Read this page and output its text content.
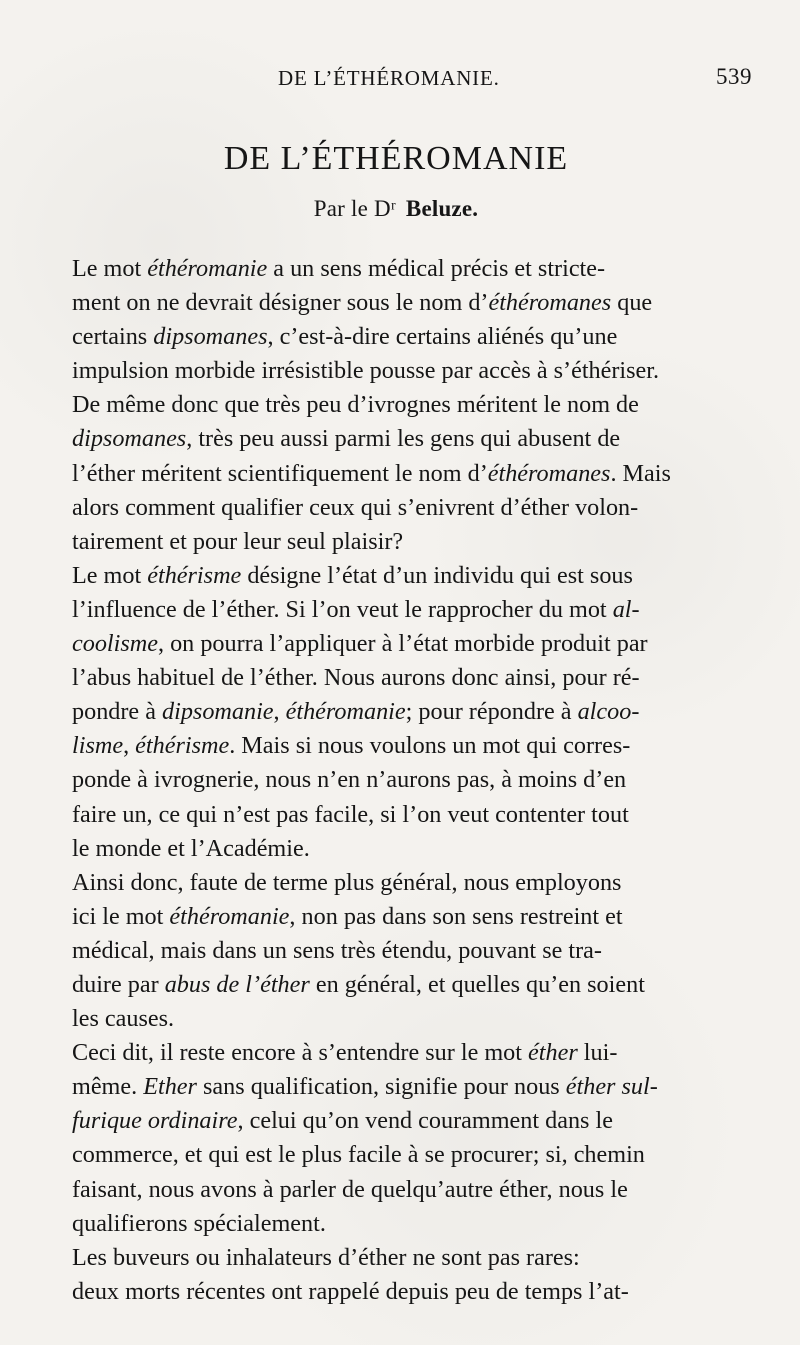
DE L’ÉTHÉROMANIE.	539
DE L’ÉTHÉROMANIE
Par le Dʳ Beluze.

Le mot éthéromanie a un sens médical précis et stricte-
ment on ne devrait désigner sous le nom d’éthéromanes que
certains dipsomanes, c’est-à-dire certains aliénés qu’une
impulsion morbide irrésistible pousse par accès à s’éthériser.
De même donc que très peu d’ivrognes méritent le nom de
dipsomanes, très peu aussi parmi les gens qui abusent de
l’éther méritent scientifiquement le nom d’éthéromanes. Mais
alors comment qualifier ceux qui s’enivrent d’éther volon-
tairement et pour leur seul plaisir?

Le mot éthérisme désigne l’état d’un individu qui est sous
l’influence de l’éther. Si l’on veut le rapprocher du mot al-
coolisme, on pourra l’appliquer à l’état morbide produit par
l’abus habituel de l’éther. Nous aurons donc ainsi, pour ré-
pondre à dipsomanie, éthéromanie; pour répondre à alcoo-
lisme, éthérisme. Mais si nous voulons un mot qui corres-
ponde à ivrognerie, nous n’en n’aurons pas, à moins d’en
faire un, ce qui n’est pas facile, si l’on veut contenter tout
le monde et l’Académie.

Ainsi donc, faute de terme plus général, nous employons
ici le mot éthéromanie, non pas dans son sens restreint et
médical, mais dans un sens très étendu, pouvant se tra-
duire par abus de l’éther en général, et quelles qu’en soient
les causes.

Ceci dit, il reste encore à s’entendre sur le mot éther lui-
même. Ether sans qualification, signifie pour nous éther sul-
furique ordinaire, celui qu’on vend couramment dans le
commerce, et qui est le plus facile à se procurer; si, chemin
faisant, nous avons à parler de quelqu’autre éther, nous le
qualifierons spécialement.

Les buveurs ou inhalateurs d’éther ne sont pas rares:
deux morts récentes ont rappelé depuis peu de temps l’at-
